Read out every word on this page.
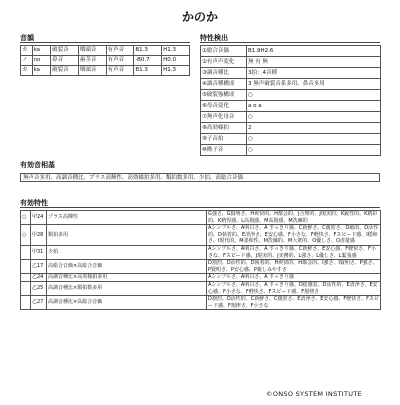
かのか
音韻
カ	ka	破裂音	咽頭音	有声音	B1.3	H1.3
ノ	no	鼻音	歯茎音	有声音	-B0.7	H0.0
カ	ka	破裂音	咽頭音	有声音	B1.3	H1.3
特性検出
①総合音価	B1.9H2.6
②有声声変化	無 有 無
③調音種比	3拍：4音種
④調音種構成	3 無声破裂音系多用、鼻音多用
⑤破裂強構成	○
⑥母音変化	a o a
⑦無声化母音	○
⑧高効様拍	2
⑨子音拍	○
⑩拗子音	○
有効音相基
無声音多用、高調音種比、プラス高輝性、高効様拍多用、類拍数多用、少拍、高総合音価
有効特性
○	甲24	プラス高輝性	G強さ、G賢明さ、H爽快的、H都会的、J合理的、J現実的、K鋭性的、K精彩的、K精悍感、L高揚感、M高揚感、M洗練的
○	甲28	類拍多用	Aシンプルさ、A明白さ、A すっきり感、C新鮮さ、C親密さ、D敏的、D活性的、D執着的、E清浄さ、E安心感、F小さな、F軽快さ、Fスピード感、I穏和さ、I現代的、M柔和性、M洗練的、M大衆的、O優しさ、O清楚感
	甲31	少拍	Aシンプルさ、A明白さ、A すっきり感、C新鮮さ、E安心感、F軽快さ、F小さな、Fスピード感、J現実的、J実務的、L強さ、L優しさ、L緊張感
	乙17	高総合音価×高総合音価	D割烈、D活性的、D執着的、H爽快的、H都会的、I強さ、I賢明さ、P強さ、P賢明さ、P安心感、P親しみやすさ
	乙24	高調音種比×高効様拍多用	Aシンプルさ、A明白さ、A すっきり感
	乙25	高調音種比×類拍数多用	Aシンプルさ、A明白さ、A すっきり感、D揺感覚、D活性的、E清浄さ、E安心感、F小さな、F軽快さ、Fスピード感、F規律さ
	乙27	高調音種比×高総合音価	D割烈、D活性的、C新鮮さ、C親密さ、E清浄さ、E安心感、F軽快さ、Fスピード感、F規律さ、F小さな
©ONSO SYSTEM INSTITUTE
